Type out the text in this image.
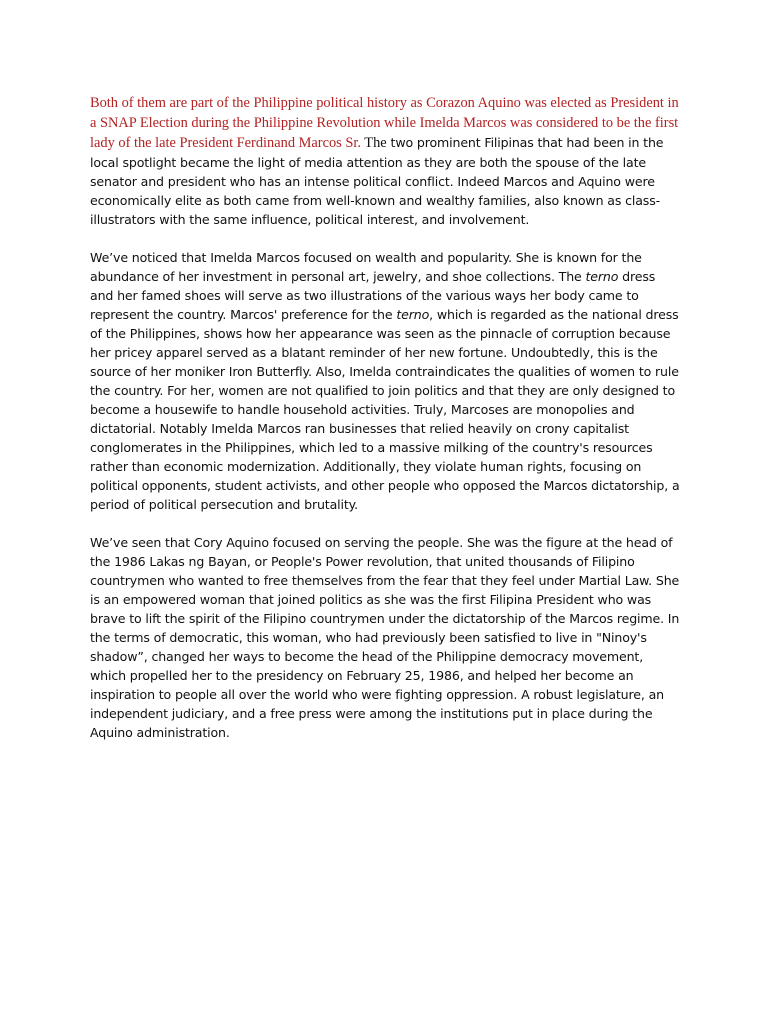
Both of them are part of the Philippine political history as Corazon Aquino was elected as President in a SNAP Election during the Philippine Revolution while Imelda Marcos was considered to be the first lady of the late President Ferdinand Marcos Sr. The two prominent Filipinas that had been in the local spotlight became the light of media attention as they are both the spouse of the late senator and president who has an intense political conflict. Indeed Marcos and Aquino were economically elite as both came from well-known and wealthy families, also known as class-illustrators with the same influence, political interest, and involvement.

We’ve noticed that Imelda Marcos focused on wealth and popularity. She is known for the abundance of her investment in personal art, jewelry, and shoe collections. The terno dress and her famed shoes will serve as two illustrations of the various ways her body came to represent the country. Marcos' preference for the terno, which is regarded as the national dress of the Philippines, shows how her appearance was seen as the pinnacle of corruption because her pricey apparel served as a blatant reminder of her new fortune. Undoubtedly, this is the source of her moniker Iron Butterfly. Also, Imelda contraindicates the qualities of women to rule the country. For her, women are not qualified to join politics and that they are only designed to become a housewife to handle household activities. Truly, Marcoses are monopolies and dictatorial. Notably Imelda Marcos ran businesses that relied heavily on crony capitalist conglomerates in the Philippines, which led to a massive milking of the country's resources rather than economic modernization. Additionally, they violate human rights, focusing on political opponents, student activists, and other people who opposed the Marcos dictatorship, a period of political persecution and brutality.

We’ve seen that Cory Aquino focused on serving the people. She was the figure at the head of the 1986 Lakas ng Bayan, or People's Power revolution, that united thousands of Filipino countrymen who wanted to free themselves from the fear that they feel under Martial Law. She is an empowered woman that joined politics as she was the first Filipina President who was brave to lift the spirit of the Filipino countrymen under the dictatorship of the Marcos regime. In the terms of democratic, this woman, who had previously been satisfied to live in "Ninoy's shadow”, changed her ways to become the head of the Philippine democracy movement, which propelled her to the presidency on February 25, 1986, and helped her become an inspiration to people all over the world who were fighting oppression. A robust legislature, an independent judiciary, and a free press were among the institutions put in place during the Aquino administration.
